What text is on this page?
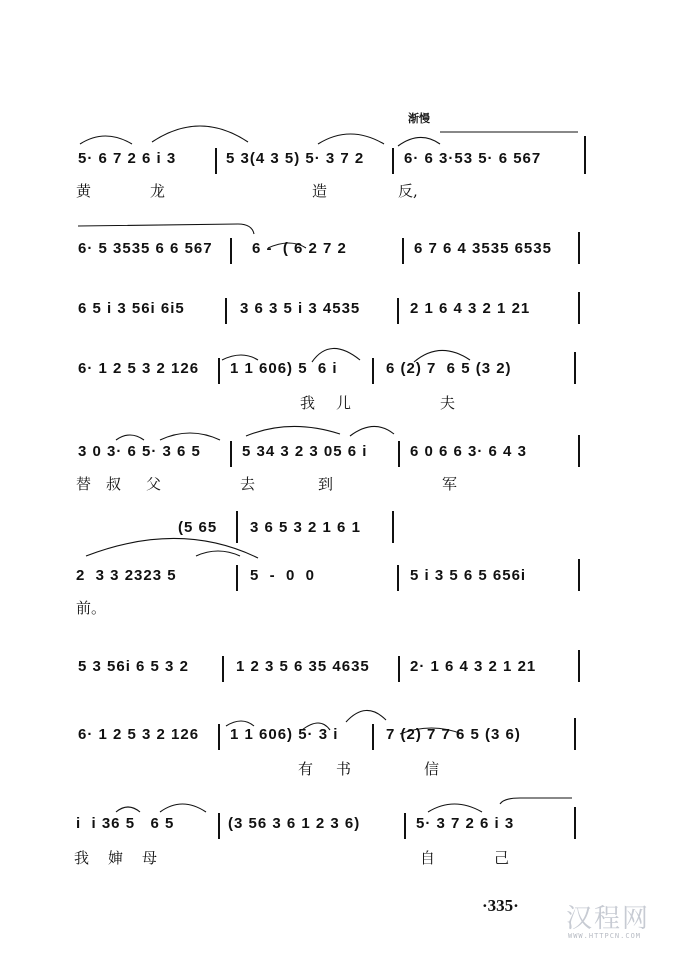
渐慢
5· 6 7 2 6 i 3	5 3(4 3 5) 5· 3 7 2	6· 6 3·53 5· 6 567
黄	龙	造	反,
6· 5 3535 6 6 567	6 -  ( 6 2 7 2	6 7 6 4 3535 6535
6 5 i 3 56i 6i5	3 6 3 5 i 3 4535	2 1 6 4 3 2 1 21
6· 1 2 5 3 2 126 1 1 606) 5  6 i	6 (2) 7  6 5 (3 2)
我 儿	夫
3 0 3· 6 5· 3 6 5	5 34 3 2 3 05 6 i	6 0 6 6 3· 6 4 3
替 叔 父	去	到	军
(5 65 3 6 5 3 2 1 6 1
2  3 3 2323 5	5  -  0  0	5 i 3 5 6 5 656i
前。
5 3 56i 6 5 3 2	1 2 3 5 6 35 4635	2· 1 6 4 3 2 1 21
6· 1 2 5 3 2 126 1 1 606) 5· 3 i	7 (2) 7 7 6 5 (3 6)
有 书	信
i  i 36 5   6 5	(3 56 3 6 1 2 3 6)	5· 3 7 2 6 i 3
我 婶 母	自	己
·335· 汉程网
WWW.HTTPCN.COM
